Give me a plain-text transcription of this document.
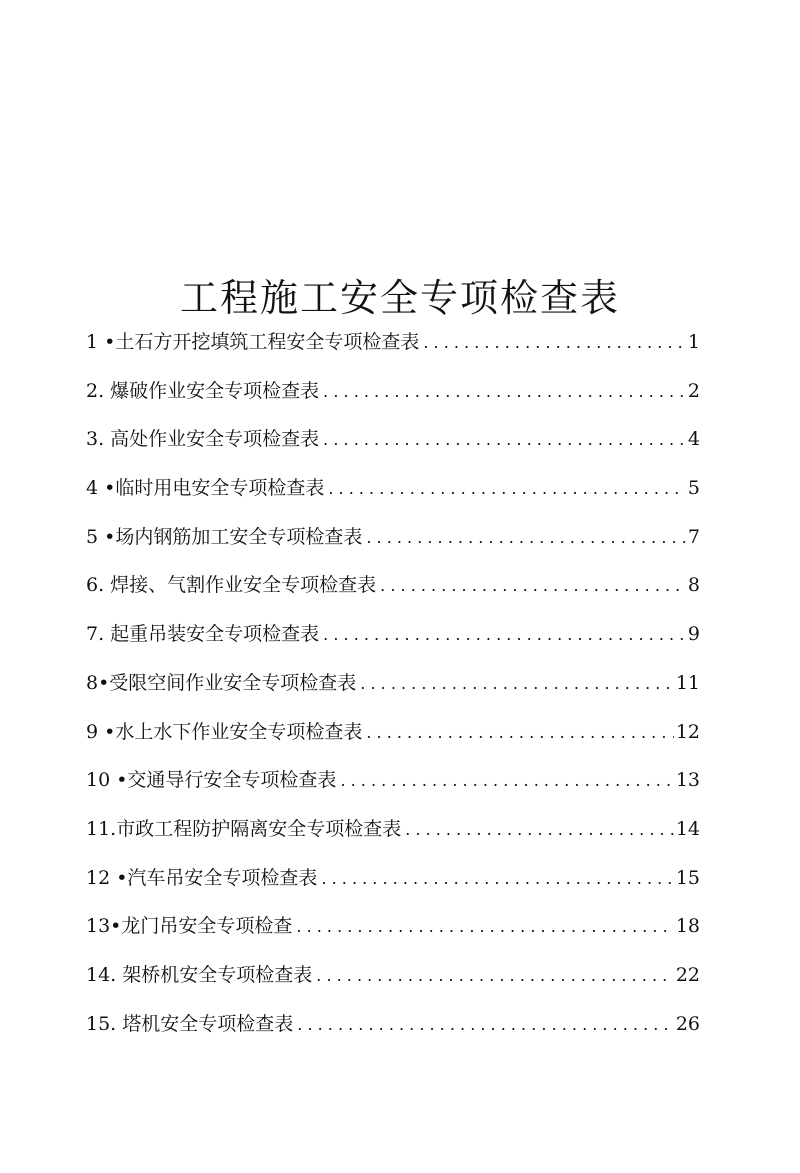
工程施工安全专项检查表
1 •土石方开挖填筑工程安全专项检查表 . . .	1
2. 爆破作业安全专项检查表 . . .	2
3. 高处作业安全专项检查表 . . .	4
4 •临时用电安全专项检查表 . . .	5
5 •场内钢筋加工安全专项检查表 . . .	7
6. 焊接、气割作业安全专项检查表 . . .	8
7. 起重吊装安全专项检查表 . . .	9
8•受限空间作业安全专项检查表 . . .	11
9 •水上水下作业安全专项检查表 . . .	12
10 •交通导行安全专项检查表 . . .	13
11.市政工程防护隔离安全专项检查表 . . .	14
12 •汽车吊安全专项检查表 . . .	15
13•龙门吊安全专项检查 . . .	18
14. 架桥机安全专项检查表 . . .	22
15. 塔机安全专项检查表 . . .	26
